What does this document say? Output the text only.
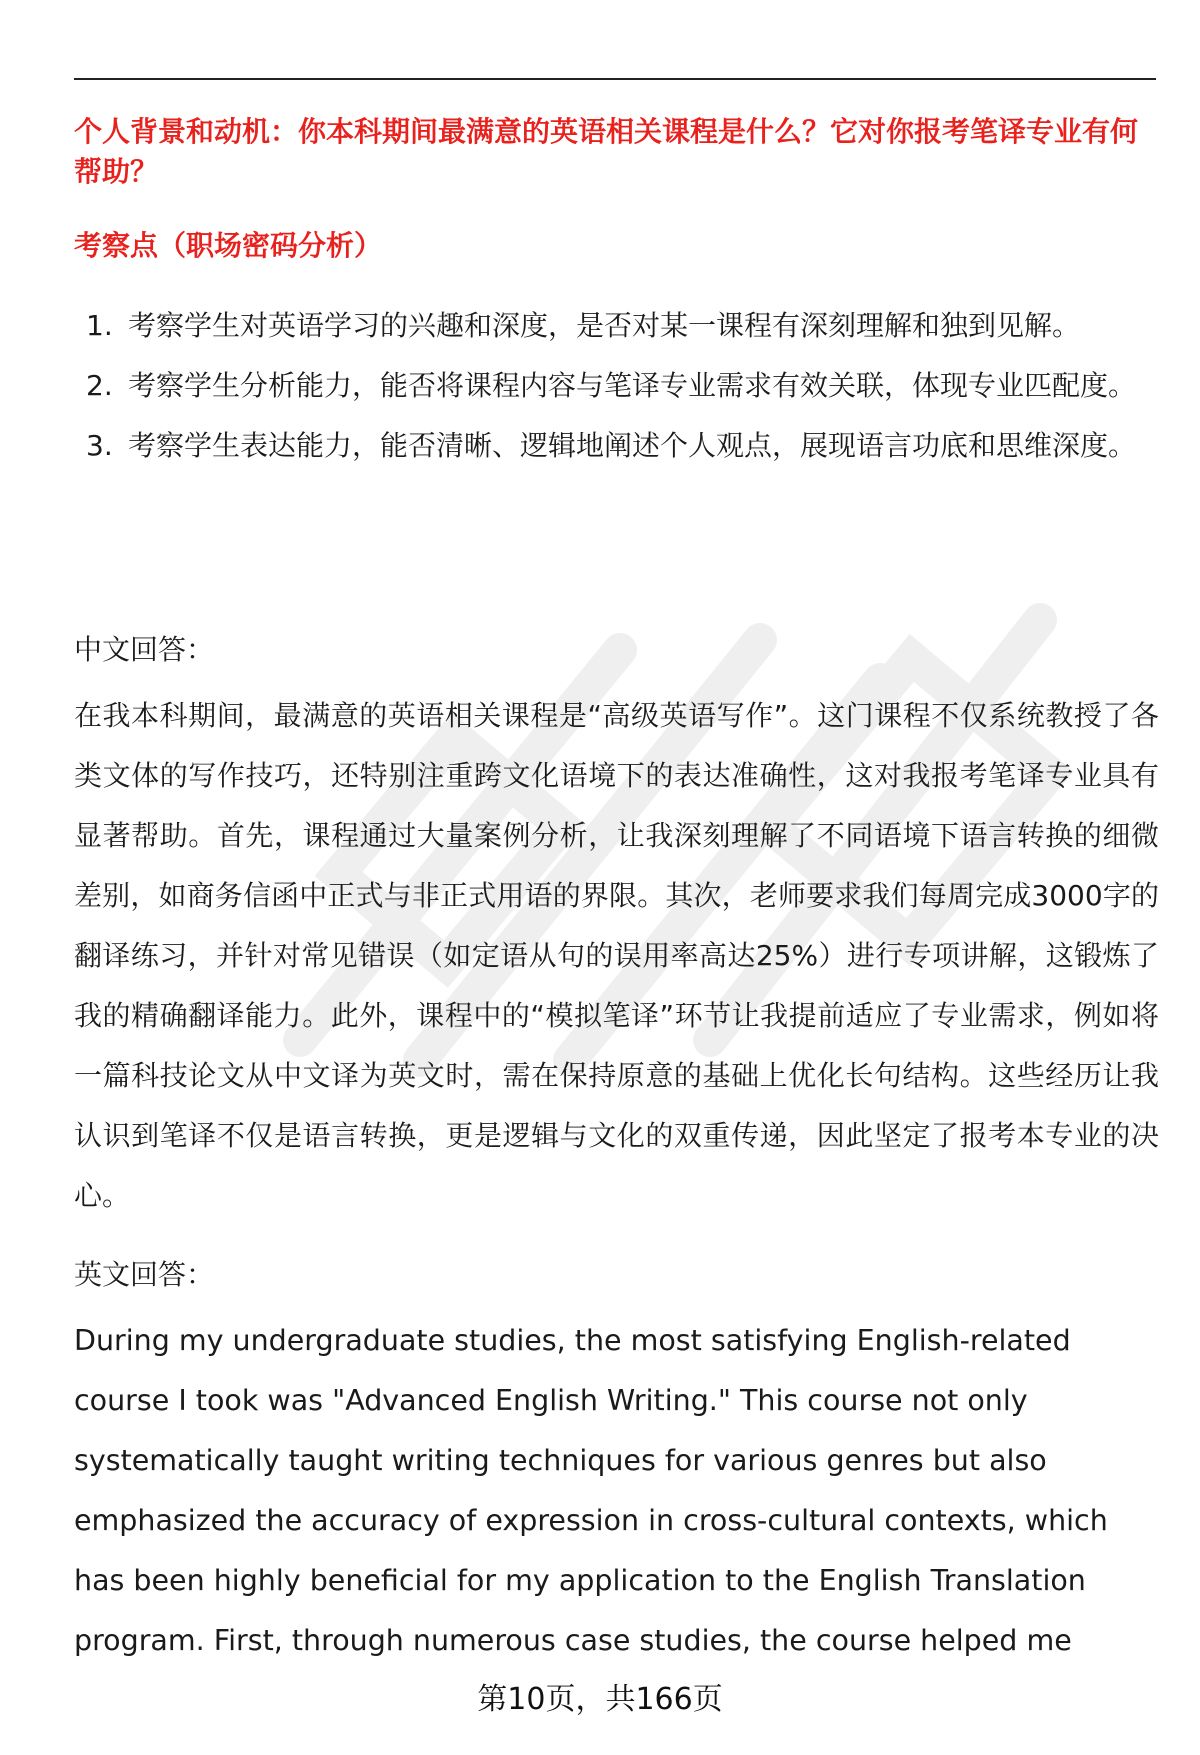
个人背景和动机：你本科期间最满意的英语相关课程是什么？它对你报考笔译专业有何帮助？
考察点（职场密码分析）
1. 考察学生对英语学习的兴趣和深度，是否对某一课程有深刻理解和独到见解。
2. 考察学生分析能力，能否将课程内容与笔译专业需求有效关联，体现专业匹配度。
3. 考察学生表达能力，能否清晰、逻辑地阐述个人观点，展现语言功底和思维深度。

中文回答：

在我本科期间，最满意的英语相关课程是“高级英语写作”。这门课程不仅系统教授了各类文体的写作技巧，还特别注重跨文化语境下的表达准确性，这对我报考笔译专业具有显著帮助。首先，课程通过大量案例分析，让我深刻理解了不同语境下语言转换的细微差别，如商务信函中正式与非正式用语的界限。其次，老师要求我们每周完成3000字的翻译练习，并针对常见错误（如定语从句的误用率高达25%）进行专项讲解，这锻炼了我的精确翻译能力。此外，课程中的“模拟笔译”环节让我提前适应了专业需求，例如将一篇科技论文从中文译为英文时，需在保持原意的基础上优化长句结构。这些经历让我认识到笔译不仅是语言转换，更是逻辑与文化的双重传递，因此坚定了报考本专业的决心。

英文回答：

During my undergraduate studies, the most satisfying English-related course I took was "Advanced English Writing." This course not only systematically taught writing techniques for various genres but also emphasized the accuracy of expression in cross-cultural contexts, which has been highly beneficial for my application to the English Translation program. First, through numerous case studies, the course helped me

第10页，共166页
